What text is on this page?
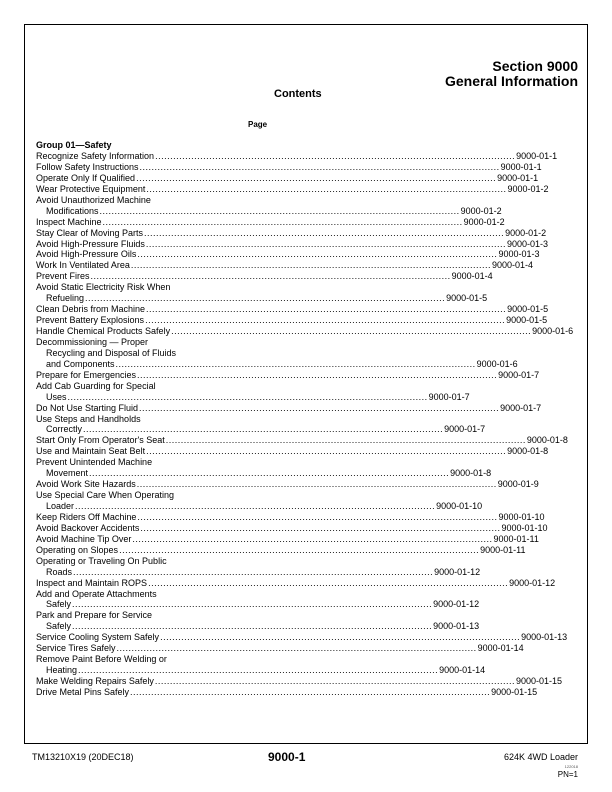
Section 9000
General Information
Contents
Page
Group 01—Safety
Recognize Safety Information ........................................................................................................................ 9000-01-1
Follow Safety Instructions ........................................................................................................................ 9000-01-1
Operate Only If Qualified ........................................................................................................................ 9000-01-1
Wear Protective Equipment ........................................................................................................................ 9000-01-2
Avoid Unauthorized Machine
Modifications ........................................................................................................................ 9000-01-2
Inspect Machine ........................................................................................................................ 9000-01-2
Stay Clear of Moving Parts ........................................................................................................................ 9000-01-2
Avoid High-Pressure Fluids ........................................................................................................................ 9000-01-3
Avoid High-Pressure Oils ........................................................................................................................ 9000-01-3
Work In Ventilated Area ........................................................................................................................ 9000-01-4
Prevent Fires ........................................................................................................................ 9000-01-4
Avoid Static Electricity Risk When
Refueling ........................................................................................................................ 9000-01-5
Clean Debris from Machine ........................................................................................................................ 9000-01-5
Prevent Battery Explosions ........................................................................................................................ 9000-01-5
Handle Chemical Products Safely ........................................................................................................................ 9000-01-6
Decommissioning — Proper
Recycling and Disposal of Fluids
and Components ........................................................................................................................ 9000-01-6
Prepare for Emergencies ........................................................................................................................ 9000-01-7
Add Cab Guarding for Special
Uses ........................................................................................................................ 9000-01-7
Do Not Use Starting Fluid ........................................................................................................................ 9000-01-7
Use Steps and Handholds
Correctly ........................................................................................................................ 9000-01-7
Start Only From Operator's Seat ........................................................................................................................ 9000-01-8
Use and Maintain Seat Belt ........................................................................................................................ 9000-01-8
Prevent Unintended Machine
Movement ........................................................................................................................ 9000-01-8
Avoid Work Site Hazards ........................................................................................................................ 9000-01-9
Use Special Care When Operating
Loader ........................................................................................................................ 9000-01-10
Keep Riders Off Machine ........................................................................................................................ 9000-01-10
Avoid Backover Accidents ........................................................................................................................ 9000-01-10
Avoid Machine Tip Over ........................................................................................................................ 9000-01-11
Operating on Slopes ........................................................................................................................ 9000-01-11
Operating or Traveling On Public
Roads ........................................................................................................................ 9000-01-12
Inspect and Maintain ROPS ........................................................................................................................ 9000-01-12
Add and Operate Attachments
Safely ........................................................................................................................ 9000-01-12
Park and Prepare for Service
Safely ........................................................................................................................ 9000-01-13
Service Cooling System Safely ........................................................................................................................ 9000-01-13
Service Tires Safely ........................................................................................................................ 9000-01-14
Remove Paint Before Welding or
Heating ........................................................................................................................ 9000-01-14
Make Welding Repairs Safely ........................................................................................................................ 9000-01-15
Drive Metal Pins Safely ........................................................................................................................ 9000-01-15
TM13210X19 (20DEC18)	9000-1	624K 4WD Loader
122018
PN=1
